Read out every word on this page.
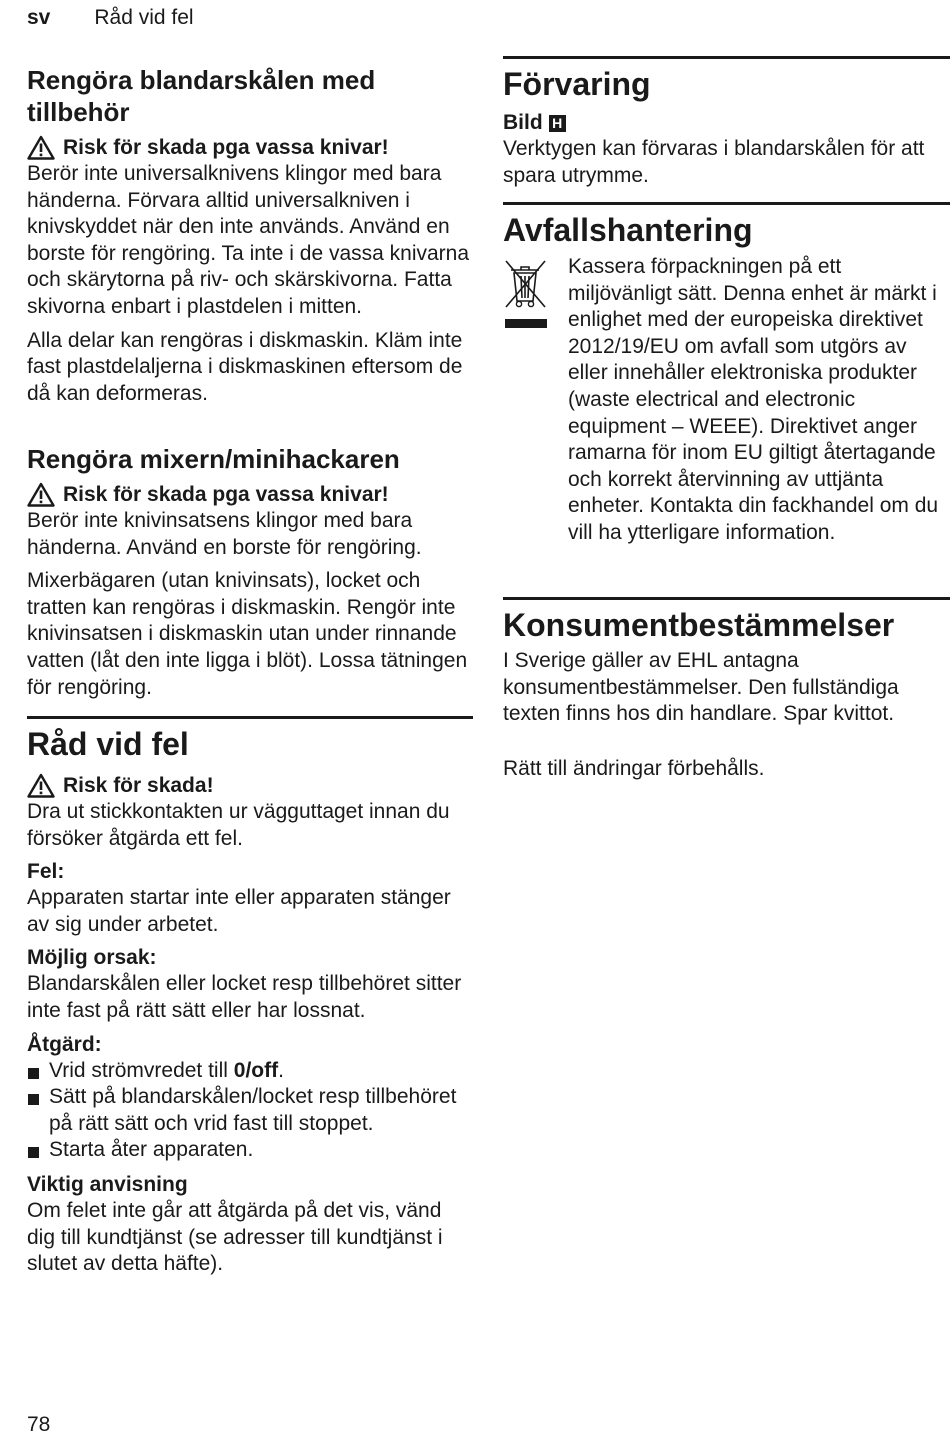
sv Råd vid fel
Rengöra blandarskålen med tillbehör
Risk för skada pga vassa knivar!

Berör inte universalknivens klingor med bara händerna. Förvara alltid universalkniven i knivskyddet när den inte används. Använd en borste för rengöring. Ta inte i de vassa knivarna och skärytorna på riv- och skärskivorna. Fatta skivorna enbart i plastdelen i mitten.

Alla delar kan rengöras i diskmaskin. Kläm inte fast plastdelaljerna i diskmaskinen eftersom de då kan deformeras.

Rengöra mixern/minihackaren
Risk för skada pga vassa knivar!

Berör inte knivinsatsens klingor med bara händerna. Använd en borste för rengöring.

Mixerbägaren (utan knivinsats), locket och tratten kan rengöras i diskmaskin. Rengör inte knivinsatsen i diskmaskin utan under rinnande vatten (låt den inte ligga i blöt). Lossa tätningen för rengöring.

Råd vid fel
Risk för skada!

Dra ut stickkontakten ur vägguttaget innan du försöker åtgärda ett fel.

Fel:

Apparaten startar inte eller apparaten stänger av sig under arbetet.

Möjlig orsak:

Blandarskålen eller locket resp tillbehöret sitter inte fast på rätt sätt eller har lossnat.

Åtgärd:
Vrid strömvredet till 0/off.
Sätt på blandarskålen/locket resp tillbehöret på rätt sätt och vrid fast till stoppet.
Starta åter apparaten.
Viktig anvisning

Om felet inte går att åtgärda på det vis, vänd dig till kundtjänst (se adresser till kundtjänst i slutet av detta häfte).

Förvaring
Bild H

Verktygen kan förvaras i blandarskålen för att spara utrymme.

Avfallshantering

Kassera förpackningen på ett miljövänligt sätt. Denna enhet är märkt i enlighet med der europeiska direktivet 2012/19/EU om avfall som utgörs av eller innehåller elektroniska produkter (waste electrical and electronic equipment – WEEE). Direktivet anger ramarna för inom EU giltigt återtagande och korrekt återvinning av uttjänta enheter. Kontakta din fackhandel om du vill ha ytterligare information.

Konsumentbestämmelser

I Sverige gäller av EHL antagna konsumentbestämmelser. Den fullständiga texten finns hos din handlare. Spar kvittot.

Rätt till ändringar förbehålls.

78
